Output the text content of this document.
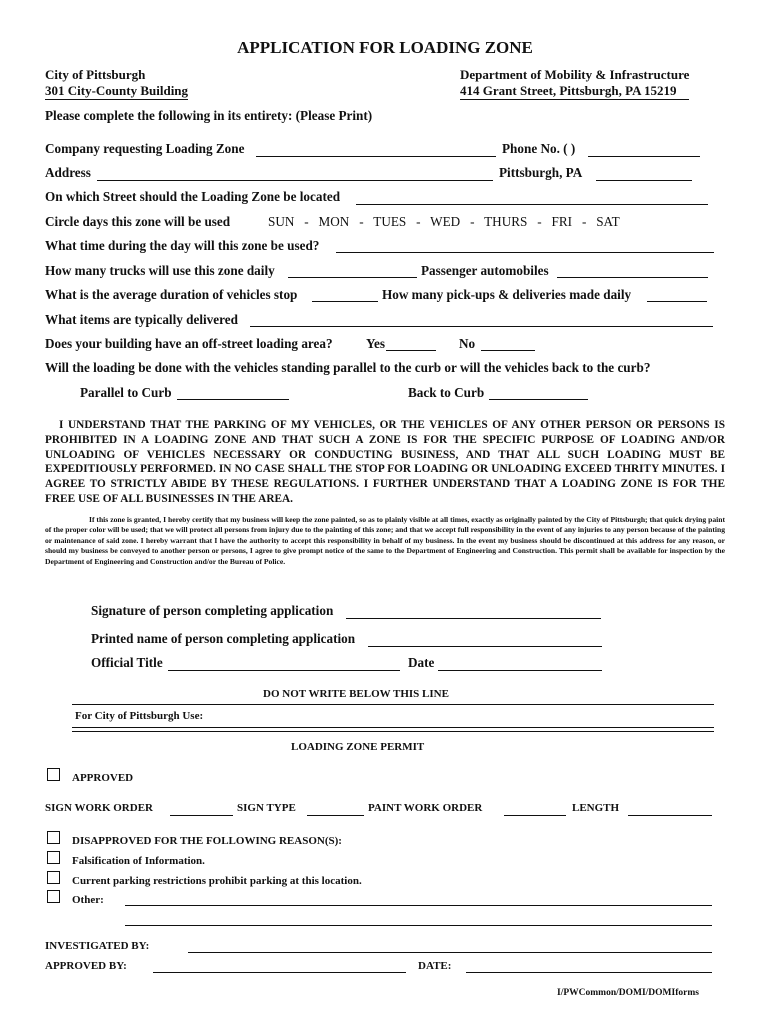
APPLICATION FOR LOADING ZONE
City of Pittsburgh
301 City-County Building
Department of Mobility & Infrastructure
414 Grant Street, Pittsburgh, PA 15219
Please complete the following in its entirety: (Please Print)
Company requesting Loading Zone	Phone No. ( )
Address	Pittsburgh, PA
On which Street should the Loading Zone be located
Circle days this zone will be used	SUN   -   MON   -   TUES   -   WED   -   THURS   -   FRI   -   SAT
What time during the day will this zone be used?
How many trucks will use this zone daily	Passenger automobiles
What is the average duration of vehicles stop	How many pick-ups & deliveries made daily
What items are typically delivered
Does your building have an off-street loading area?	Yes	No
Will the loading be done with the vehicles standing parallel to the curb or will the vehicles back to the curb?
Parallel to Curb	Back to Curb
I UNDERSTAND THAT THE PARKING OF MY VEHICLES, OR THE VEHICLES OF ANY OTHER PERSON OR PERSONS IS PROHIBITED IN A LOADING ZONE AND THAT SUCH A ZONE IS FOR THE SPECIFIC PURPOSE OF LOADING AND/OR UNLOADING OF VEHICLES NECESSARY OR CONDUCTING BUSINESS, AND THAT ALL SUCH LOADING MUST BE EXPEDITIOUSLY PERFORMED. IN NO CASE SHALL THE STOP FOR LOADING OR UNLOADING EXCEED THRITY MINUTES. I AGREE TO STRICTLY ABIDE BY THESE REGULATIONS. I FURTHER UNDERSTAND THAT A LOADING ZONE IS FOR THE FREE USE OF ALL BUSINESSES IN THE AREA.
If this zone is granted, I hereby certify that my business will keep the zone painted, so as to plainly visible at all times, exactly as originally painted by the City of Pittsburgh; that quick drying paint of the proper color will be used; that we will protect all persons from injury due to the painting of this zone; and that we accept full responsibility in the event of any injuries to any person because of the painting or maintenance of said zone. I hereby warrant that I have the authority to accept this responsibility in behalf of my business. In the event my business should be discontinued at this address for any reason, or should my business be conveyed to another person or persons, I agree to give prompt notice of the same to the Department of Engineering and Construction. This permit shall be available for inspection by the Department of Engineering and Construction and/or the Bureau of Police.
Signature of person completing application
Printed name of person completing application
Official Title	Date
DO NOT WRITE BELOW THIS LINE
For City of Pittsburgh Use:
LOADING ZONE PERMIT
APPROVED
SIGN WORK ORDER	SIGN TYPE	PAINT WORK ORDER	LENGTH
DISAPPROVED FOR THE FOLLOWING REASON(S):
Falsification of Information.
Current parking restrictions prohibit parking at this location.
Other:
INVESTIGATED BY:
APPROVED BY:	DATE:
I/PWCommon/DOMI/DOMIforms
